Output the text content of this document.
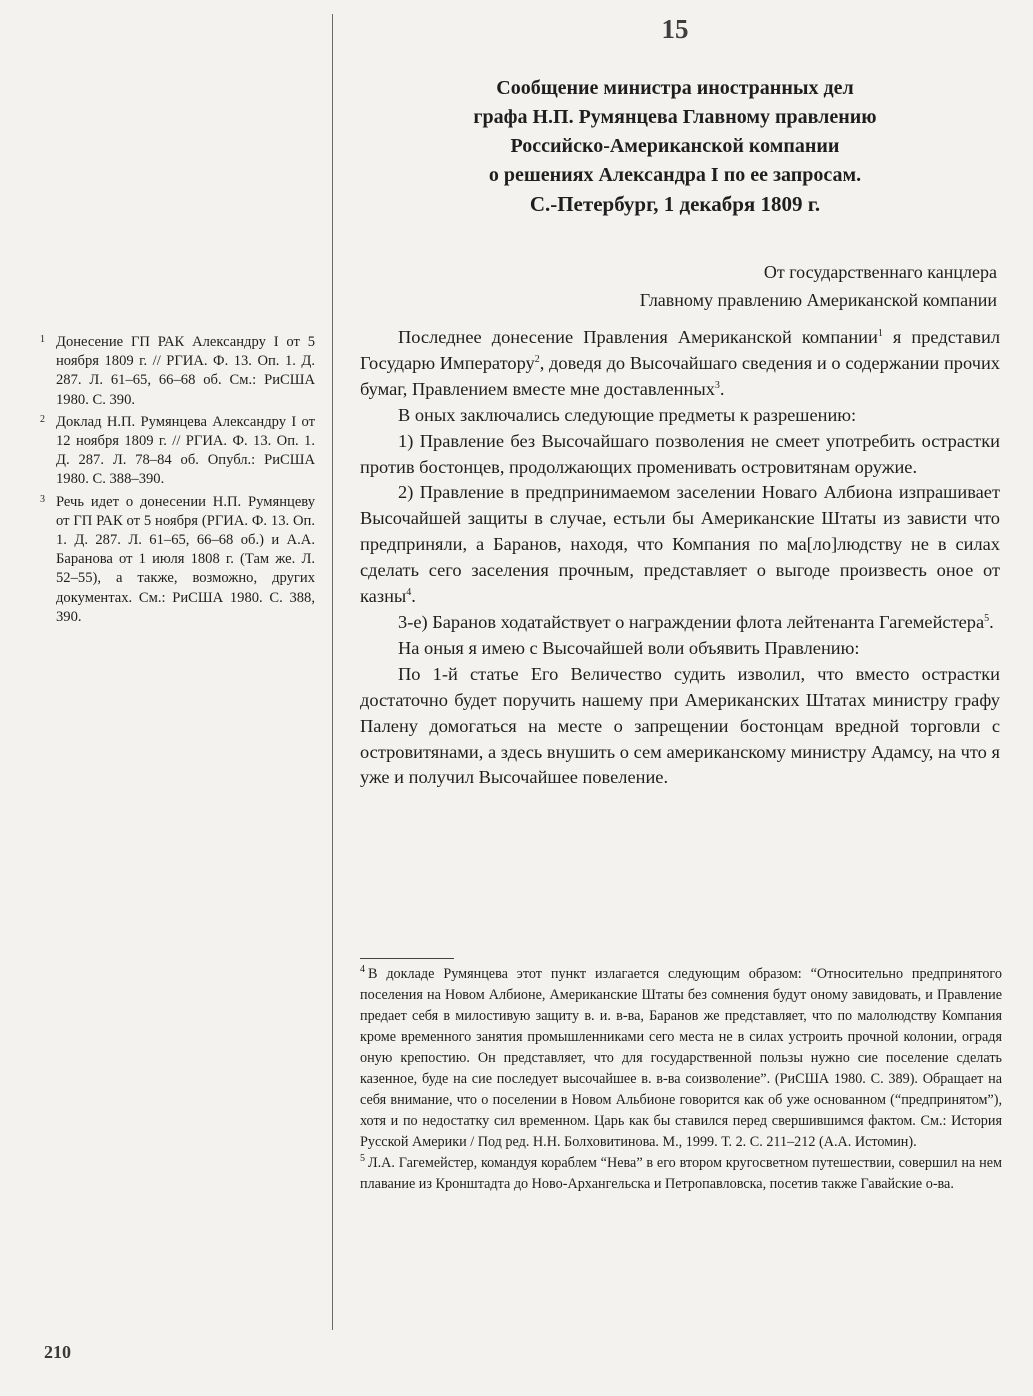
15
Сообщение министра иностранных дел
графа Н.П. Румянцева Главному правлению
Российско-Американской компании
о решениях Александра I по ее запросам.
С.-Петербург, 1 декабря 1809 г.
От государственнаго канцлера
Главному правлению Американской компании

Последнее донесение Правления Американской компании$^1$ я представил Государю Императору$^2$, доведя до Высочайшаго сведения и о содержании прочих бумаг, Правлением вместе мне доставленных$^3$.

В оных заключались следующие предметы к разрешению:

1) Правление без Высочайшаго позволения не смеет употребить острастки против бостонцев, продолжающих променивать островитянам оружие.

2) Правление в предпринимаемом заселении Новаго Албиона изпрашивает Высочайшей защиты в случае, естьли бы Американские Штаты из зависти что предприняли, а Баранов, находя, что Компания по ма[ло]людству не в силах сделать сего заселения прочным, представляет о выгоде произвесть оное от казны$^4$.

3-е) Баранов ходатайствует о награждении флота лейтенанта Гагемейстера$^5$.

На оныя я имею с Высочайшей воли объявить Правлению:

По 1-й статье Его Величество судить изволил, что вместо острастки достаточно будет поручить нашему при Американских Штатах министру графу Палену домогаться на месте о запрещении бостонцам вредной торговли с островитянами, а здесь внушить о сем американскому министру Адамсу, на что я уже и получил Высочайшее повеление.

$^4$ В докладе Румянцева этот пункт излагается следующим образом: “Относительно предпринятого поселения на Новом Албионе, Американские Штаты без сомнения будут оному завидовать, и Правление предает себя в милостивую защиту в. и. в-ва, Баранов же представляет, что по малолюдству Компания кроме временного занятия промышленниками сего места не в силах устроить прочной колонии, оградя оную крепостию. Он представляет, что для государственной пользы нужно сие поселение сделать казенное, буде на сие последует высочайшее в. в-ва соизволение”. (РиСША 1980. С. 389). Обращает на себя внимание, что о поселении в Новом Альбионе говорится как об уже основанном (“предпринятом”), хотя и по недостатку сил временном. Царь как бы ставился перед свершившимся фактом. См.: История Русской Америки / Под ред. Н.Н. Болховитинова. М., 1999. Т. 2. С. 211–212 (А.А. Истомин).

$^5$ Л.А. Гагемейстер, командуя кораблем “Нева” в его втором кругосветном путешествии, совершил на нем плавание из Кронштадта до Ново-Архангельска и Петропавловска, посетив также Гавайские о-ва.

1 Донесение ГП РАК Александру I от 5 ноября 1809 г. // РГИА. Ф. 13. Оп. 1. Д. 287. Л. 61–65, 66–68 об. См.: РиСША 1980. С. 390.
2 Доклад Н.П. Румянцева Александру I от 12 ноября 1809 г. // РГИА. Ф. 13. Оп. 1. Д. 287. Л. 78–84 об. Опубл.: РиСША 1980. С. 388–390.
3 Речь идет о донесении Н.П. Румянцеву от ГП РАК от 5 ноября (РГИА. Ф. 13. Оп. 1. Д. 287. Л. 61–65, 66–68 об.) и А.А. Баранова от 1 июля 1808 г. (Там же. Л. 52–55), а также, возможно, других документах. См.: РиСША 1980. С. 388, 390.
210
